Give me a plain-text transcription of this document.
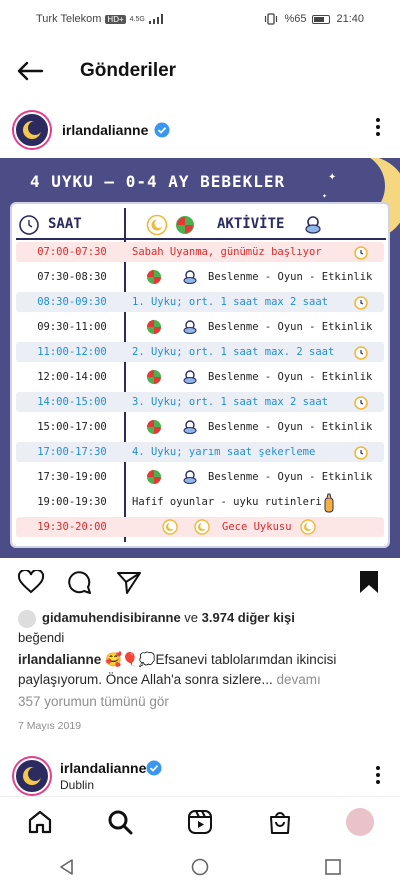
Turk Telekom HD+ 4.5G	%65	21:40
Gönderiler
irlandalianne
4 UYKU – 0-4 AY BEBEKLER	✦
✦
SAAT	AKTİVİTE
07:00-07:30	Sabah Uyanma, günümüz başlıyor
07:30-08:30	Beslenme - Oyun - Etkinlik
08:30-09:30	1. Uyku; ort. 1 saat max 2 saat
09:30-11:00	Beslenme - Oyun - Etkinlik
11:00-12:00	2. Uyku; ort. 1 saat max. 2 saat
12:00-14:00	Beslenme - Oyun - Etkinlik
14:00-15:00	3. Uyku; ort. 1 saat max 2 saat
15:00-17:00	Beslenme - Oyun - Etkinlik
17:00-17:30	4. Uyku; yarım saat şekerleme
17:30-19:00	Beslenme - Oyun - Etkinlik
19:00-19:30	Hafif oyunlar - uyku rutinleri
19:30-20:00	Gece Uykusu
gidamuhendisibiranne ve 3.974 diğer kişi
beğendi
irlandalianne 🥰🎈💭Efsanevi tablolarımdan ikincisi paylaşıyorum. Önce Allah'a sonra sizlere... devamı
357 yorumun tümünü gör
7 Mayıs 2019
irlandalianne
Dublin
